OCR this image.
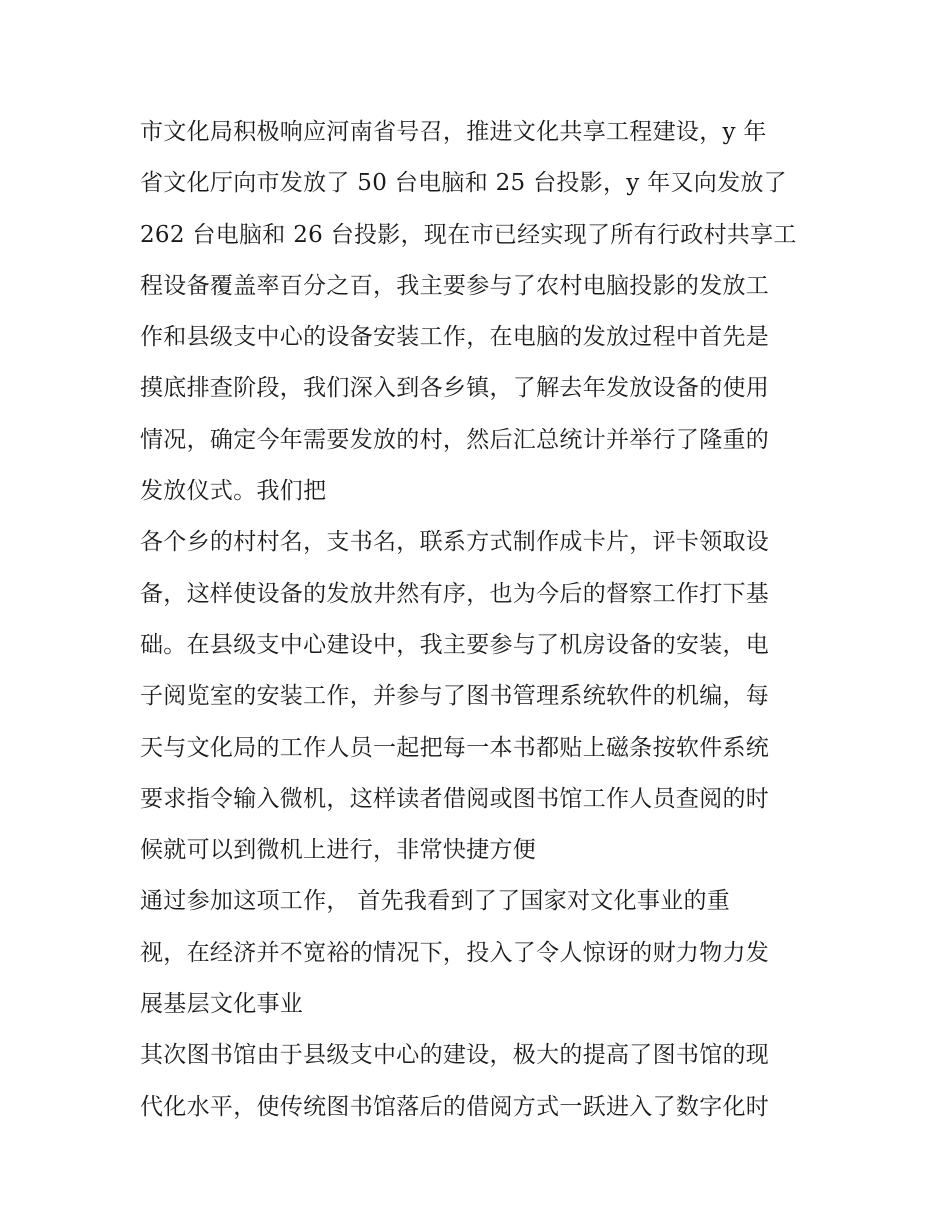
市文化局积极响应河南省号召，推进文化共享工程建设，y 年
省文化厅向市发放了 50 台电脑和 25 台投影，y 年又向发放了
262 台电脑和 26 台投影，现在市已经实现了所有行政村共享工
程设备覆盖率百分之百，我主要参与了农村电脑投影的发放工
作和县级支中心的设备安装工作，在电脑的发放过程中首先是
摸底排查阶段，我们深入到各乡镇，了解去年发放设备的使用
情况，确定今年需要发放的村，然后汇总统计并举行了隆重的
发放仪式。我们把
各个乡的村村名，支书名，联系方式制作成卡片，评卡领取设
备，这样使设备的发放井然有序，也为今后的督察工作打下基
础。在县级支中心建设中，我主要参与了机房设备的安装，电
子阅览室的安装工作，并参与了图书管理系统软件的机编，每
天与文化局的工作人员一起把每一本书都贴上磁条按软件系统
要求指令输入微机，这样读者借阅或图书馆工作人员查阅的时
候就可以到微机上进行，非常快捷方便
通过参加这项工作， 首先我看到了了国家对文化事业的重
视，在经济并不宽裕的情况下，投入了令人惊讶的财力物力发
展基层文化事业
其次图书馆由于县级支中心的建设，极大的提高了图书馆的现
代化水平，使传统图书馆落后的借阅方式一跃进入了数字化时
